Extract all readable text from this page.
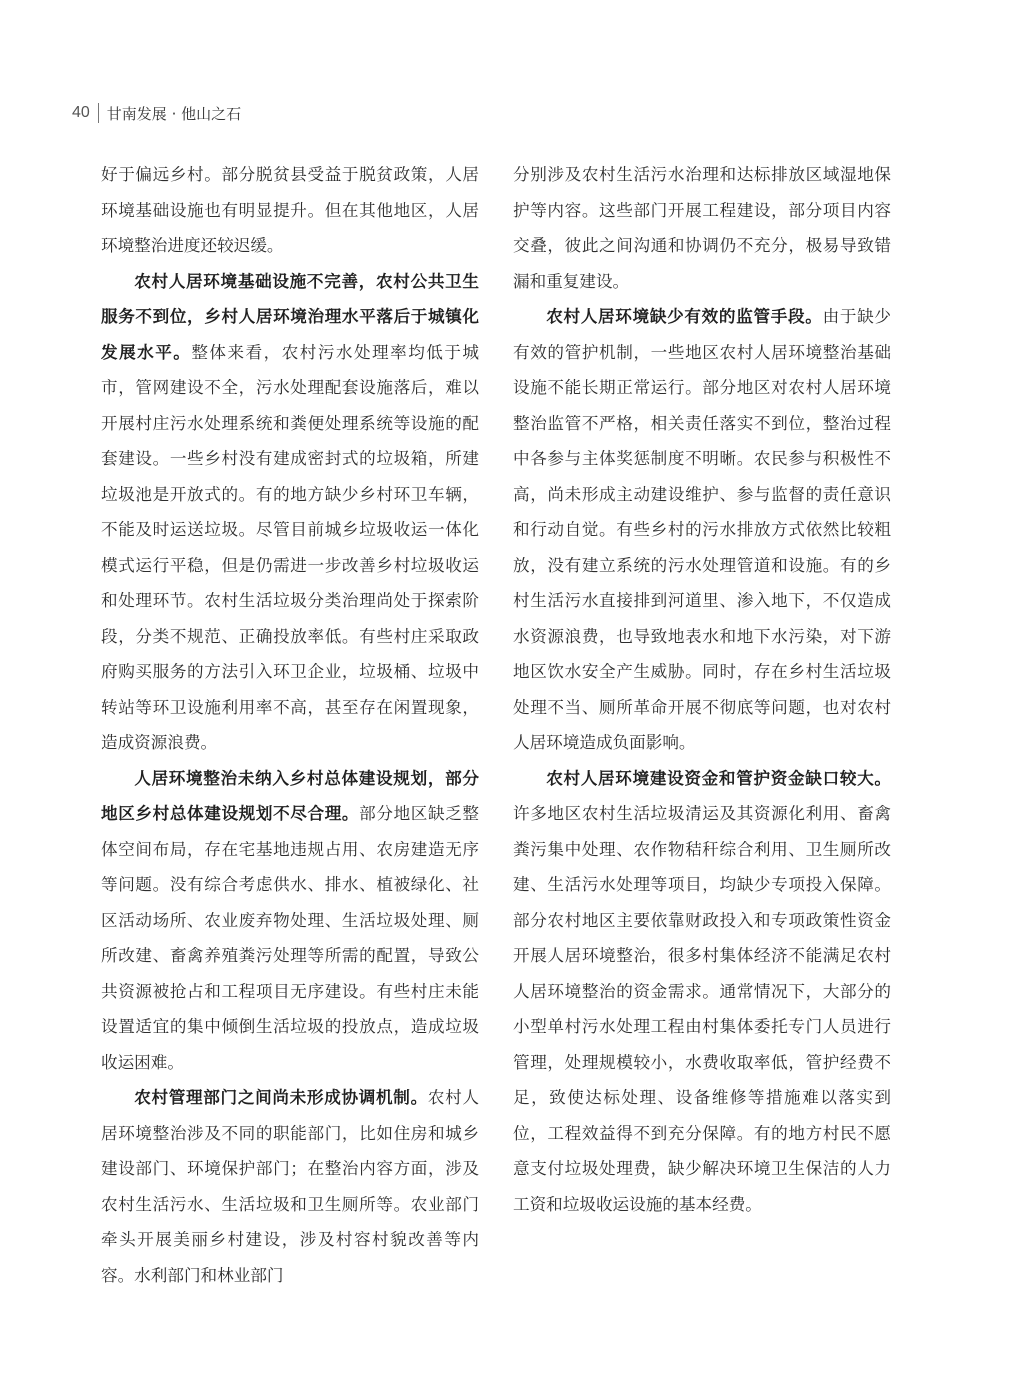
40 甘南发展 · 他山之石

好于偏远乡村。部分脱贫县受益于脱贫政策，人居环境基础设施也有明显提升。但在其他地区，人居环境整治进度还较迟缓。

农村人居环境基础设施不完善，农村公共卫生服务不到位，乡村人居环境治理水平落后于城镇化发展水平。整体来看，农村污水处理率均低于城市，管网建设不全，污水处理配套设施落后，难以开展村庄污水处理系统和粪便处理系统等设施的配套建设。一些乡村没有建成密封式的垃圾箱，所建垃圾池是开放式的。有的地方缺少乡村环卫车辆，不能及时运送垃圾。尽管目前城乡垃圾收运一体化模式运行平稳，但是仍需进一步改善乡村垃圾收运和处理环节。农村生活垃圾分类治理尚处于探索阶段，分类不规范、正确投放率低。有些村庄采取政府购买服务的方法引入环卫企业，垃圾桶、垃圾中转站等环卫设施利用率不高，甚至存在闲置现象，造成资源浪费。

人居环境整治未纳入乡村总体建设规划，部分地区乡村总体建设规划不尽合理。部分地区缺乏整体空间布局，存在宅基地违规占用、农房建造无序等问题。没有综合考虑供水、排水、植被绿化、社区活动场所、农业废弃物处理、生活垃圾处理、厕所改建、畜禽养殖粪污处理等所需的配置，导致公共资源被抢占和工程项目无序建设。有些村庄未能设置适宜的集中倾倒生活垃圾的投放点，造成垃圾收运困难。

农村管理部门之间尚未形成协调机制。农村人居环境整治涉及不同的职能部门，比如住房和城乡建设部门、环境保护部门；在整治内容方面，涉及农村生活污水、生活垃圾和卫生厕所等。农业部门牵头开展美丽乡村建设，涉及村容村貌改善等内容。水利部门和林业部门

分别涉及农村生活污水治理和达标排放区域湿地保护等内容。这些部门开展工程建设，部分项目内容交叠，彼此之间沟通和协调仍不充分，极易导致错漏和重复建设。

农村人居环境缺少有效的监管手段。由于缺少有效的管护机制，一些地区农村人居环境整治基础设施不能长期正常运行。部分地区对农村人居环境整治监管不严格，相关责任落实不到位，整治过程中各参与主体奖惩制度不明晰。农民参与积极性不高，尚未形成主动建设维护、参与监督的责任意识和行动自觉。有些乡村的污水排放方式依然比较粗放，没有建立系统的污水处理管道和设施。有的乡村生活污水直接排到河道里、渗入地下，不仅造成水资源浪费，也导致地表水和地下水污染，对下游地区饮水安全产生威胁。同时，存在乡村生活垃圾处理不当、厕所革命开展不彻底等问题，也对农村人居环境造成负面影响。

农村人居环境建设资金和管护资金缺口较大。许多地区农村生活垃圾清运及其资源化利用、畜禽粪污集中处理、农作物秸秆综合利用、卫生厕所改建、生活污水处理等项目，均缺少专项投入保障。部分农村地区主要依靠财政投入和专项政策性资金开展人居环境整治，很多村集体经济不能满足农村人居环境整治的资金需求。通常情况下，大部分的小型单村污水处理工程由村集体委托专门人员进行管理，处理规模较小，水费收取率低，管护经费不足，致使达标处理、设备维修等措施难以落实到位，工程效益得不到充分保障。有的地方村民不愿意支付垃圾处理费，缺少解决环境卫生保洁的人力工资和垃圾收运设施的基本经费。
